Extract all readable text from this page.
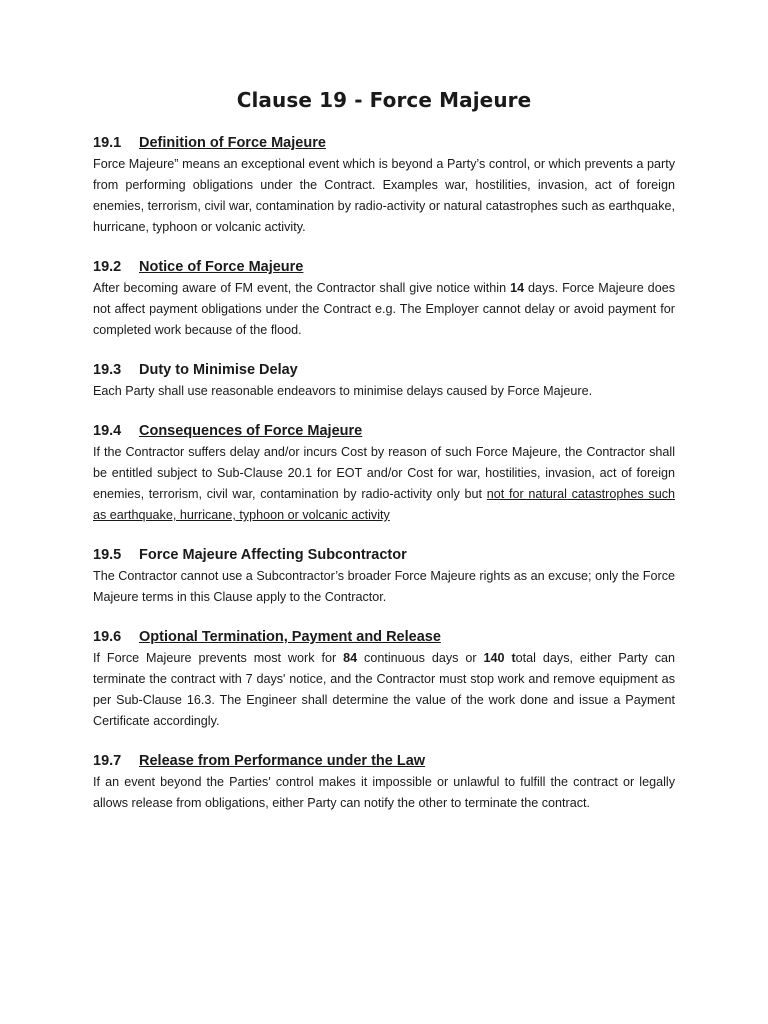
Clause 19 - Force Majeure
19.1 Definition of Force Majeure

Force Majeure” means an exceptional event which is beyond a Party’s control, or which prevents a party from performing obligations under the Contract. Examples war, hostilities, invasion, act of foreign enemies, terrorism, civil war, contamination by radio-activity or natural catastrophes such as earthquake, hurricane, typhoon or volcanic activity.

19.2 Notice of Force Majeure

After becoming aware of FM event, the Contractor shall give notice within 14 days. Force Majeure does not affect payment obligations under the Contract e.g. The Employer cannot delay or avoid payment for completed work because of the flood.

19.3 Duty to Minimise Delay

Each Party shall use reasonable endeavors to minimise delays caused by Force Majeure.

19.4 Consequences of Force Majeure

If the Contractor suffers delay and/or incurs Cost by reason of such Force Majeure, the Contractor shall be entitled subject to Sub-Clause 20.1 for EOT and/or Cost for war, hostilities, invasion, act of foreign enemies, terrorism, civil war, contamination by radio-activity only but not for natural catastrophes such as earthquake, hurricane, typhoon or volcanic activity

19.5 Force Majeure Affecting Subcontractor

The Contractor cannot use a Subcontractor’s broader Force Majeure rights as an excuse; only the Force Majeure terms in this Clause apply to the Contractor.

19.6 Optional Termination, Payment and Release

If Force Majeure prevents most work for 84 continuous days or 140 total days, either Party can terminate the contract with 7 days' notice, and the Contractor must stop work and remove equipment as per Sub-Clause 16.3. The Engineer shall determine the value of the work done and issue a Payment Certificate accordingly.

19.7 Release from Performance under the Law

If an event beyond the Parties' control makes it impossible or unlawful to fulfill the contract or legally allows release from obligations, either Party can notify the other to terminate the contract.
